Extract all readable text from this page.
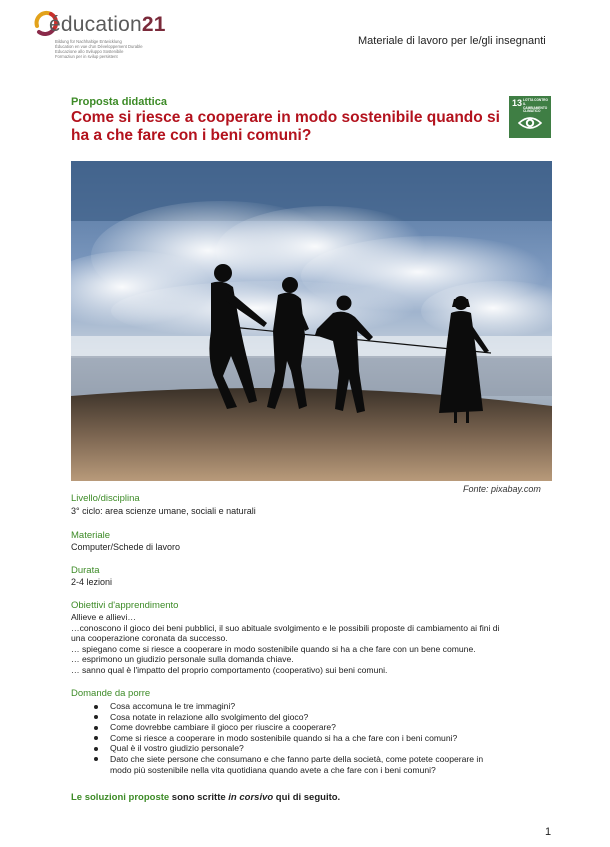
éducation21
Bildung für Nachhaltige Entwicklung
Éducation en vue d'un Développement Durable
Educazione allo Sviluppo Sostenibile
Formaziun per in svilup persistent
Materiale di lavoro per le/gli insegnanti
Proposta didattica
Come si riesce a cooperare in modo sostenibile quando si ha a che fare con i beni comuni?
13 LOTTA CONTRO IL CAMBIAMENTO CLIMATICO
Fonte: pixabay.com
Livello/disciplina
3° ciclo: area scienze umane, sociali e naturali
Materiale
Computer/Schede di lavoro
Durata
2-4 lezioni
Obiettivi d'apprendimento
Allieve e allievi…
…conoscono il gioco dei beni pubblici, il suo abituale svolgimento e le possibili proposte di cambiamento ai fini di
una cooperazione coronata da successo.
… spiegano come si riesce a cooperare in modo sostenibile quando si ha a che fare con un bene comune.
… esprimono un giudizio personale sulla domanda chiave.
… sanno qual è l'impatto del proprio comportamento (cooperativo) sui beni comuni.
Domande da porre
Cosa accomuna le tre immagini?
Cosa notate in relazione allo svolgimento del gioco?
Come dovrebbe cambiare il gioco per riuscire a cooperare?
Come si riesce a cooperare in modo sostenibile quando si ha a che fare con i beni comuni?
Qual è il vostro giudizio personale?
Dato che siete persone che consumano e che fanno parte della società, come potete cooperare in
modo più sostenibile nella vita quotidiana quando avete a che fare con i beni comuni?
Le soluzioni proposte sono scritte in corsivo qui di seguito.
1
